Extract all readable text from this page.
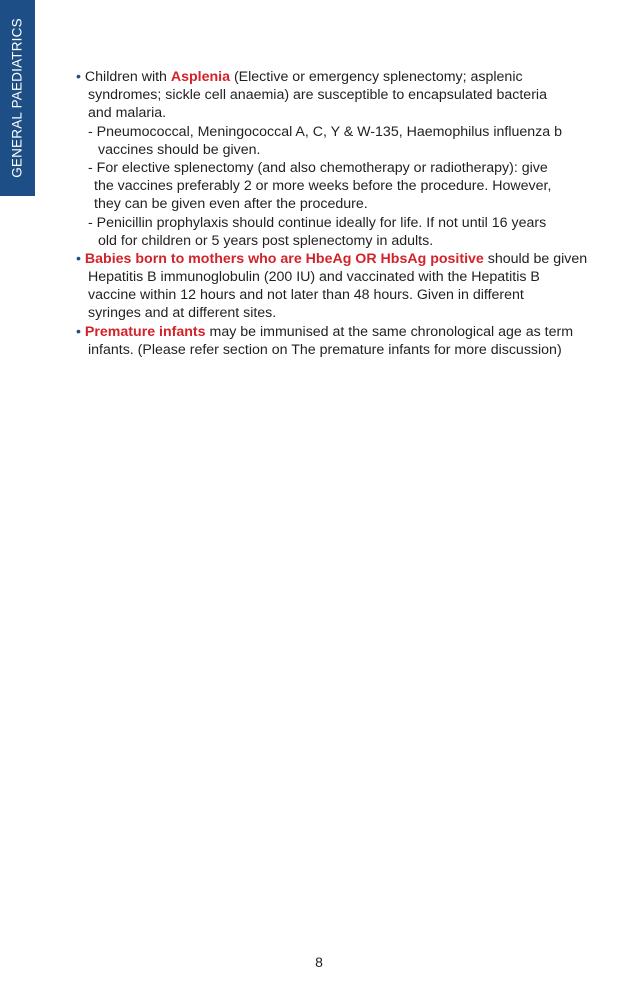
GENERAL PAEDIATRICS	• Children with Asplenia (Elective or emergency splenectomy; asplenic
syndromes; sickle cell anaemia) are susceptible to encapsulated bacteria
and malaria.
- Pneumococcal, Meningococcal A, C, Y & W-135, Haemophilus influenza b
vaccines should be given.
- For elective splenectomy (and also chemotherapy or radiotherapy): give
the vaccines preferably 2 or more weeks before the procedure. However,
they can be given even after the procedure.
- Penicillin prophylaxis should continue ideally for life. If not until 16 years
old for children or 5 years post splenectomy in adults.
• Babies born to mothers who are HbeAg OR HbsAg positive should be given
Hepatitis B immunoglobulin (200 IU) and vaccinated with the Hepatitis B
vaccine within 12 hours and not later than 48 hours. Given in different
syringes and at different sites.
• Premature infants may be immunised at the same chronological age as term
infants. (Please refer section on The premature infants for more discussion)
8
